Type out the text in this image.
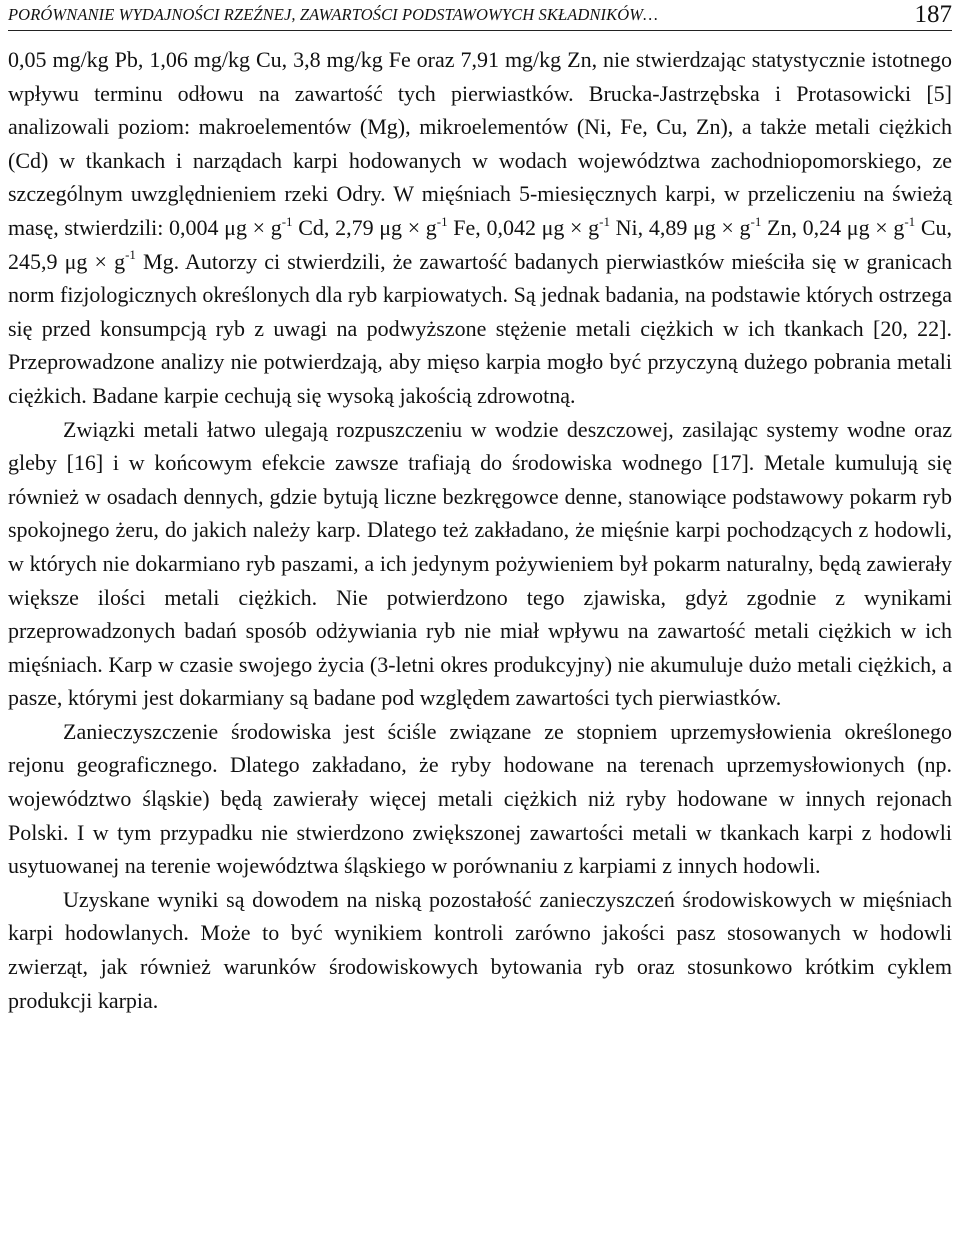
PORÓWNANIE WYDAJNOŚCI RZEŹNEJ, ZAWARTOŚCI PODSTAWOWYCH SKŁADNIKÓW…	187

0,05 mg/kg Pb, 1,06 mg/kg Cu, 3,8 mg/kg Fe oraz 7,91 mg/kg Zn, nie stwierdzając statystycznie istotnego wpływu terminu odłowu na zawartość tych pierwiastków. Brucka-Jastrzębska i Protasowicki [5] analizowali poziom: makroelementów (Mg), mikroelementów (Ni, Fe, Cu, Zn), a także metali ciężkich (Cd) w tkankach i narządach karpi hodowanych w wodach województwa zachodniopomorskiego, ze szczególnym uwzględnieniem rzeki Odry. W mięśniach 5-miesięcznych karpi, w przeliczeniu na świeżą masę, stwierdzili: 0,004 $\mu g \times g^{-1}$ Cd, 2,79 $\mu g \times g^{-1}$ Fe, 0,042 $\mu g \times g^{-1}$ Ni, 4,89 $\mu g \times g^{-1}$ Zn, 0,24 $\mu g \times g^{-1}$ Cu, 245,9 $\mu g \times g^{-1}$ Mg. Autorzy ci stwierdzili, że zawartość badanych pierwiastków mieściła się w granicach norm fizjologicznych określonych dla ryb karpiowatych. Są jednak badania, na podstawie których ostrzega się przed konsumpcją ryb z uwagi na podwyższone stężenie metali ciężkich w ich tkankach [20, 22]. Przeprowadzone analizy nie potwierdzają, aby mięso karpia mogło być przyczyną dużego pobrania metali ciężkich. Badane karpie cechują się wysoką jakością zdrowotną.

Związki metali łatwo ulegają rozpuszczeniu w wodzie deszczowej, zasilając systemy wodne oraz gleby [16] i w końcowym efekcie zawsze trafiają do środowiska wodnego [17]. Metale kumulują się również w osadach dennych, gdzie bytują liczne bezkręgowce denne, stanowiące podstawowy pokarm ryb spokojnego żeru, do jakich należy karp. Dlatego też zakładano, że mięśnie karpi pochodzących z hodowli, w których nie dokarmiano ryb paszami, a ich jedynym pożywieniem był pokarm naturalny, będą zawierały większe ilości metali ciężkich. Nie potwierdzono tego zjawiska, gdyż zgodnie z wynikami przeprowadzonych badań sposób odżywiania ryb nie miał wpływu na zawartość metali ciężkich w ich mięśniach. Karp w czasie swojego życia (3-letni okres produkcyjny) nie akumuluje dużo metali ciężkich, a pasze, którymi jest dokarmiany są badane pod względem zawartości tych pierwiastków.

Zanieczyszczenie środowiska jest ściśle związane ze stopniem uprzemysłowienia określonego rejonu geograficznego. Dlatego zakładano, że ryby hodowane na terenach uprzemysłowionych (np. województwo śląskie) będą zawierały więcej metali ciężkich niż ryby hodowane w innych rejonach Polski. I w tym przypadku nie stwierdzono zwiększonej zawartości metali w tkankach karpi z hodowli usytuowanej na terenie województwa śląskiego w porównaniu z karpiami z innych hodowli.

Uzyskane wyniki są dowodem na niską pozostałość zanieczyszczeń środowiskowych w mięśniach karpi hodowlanych. Może to być wynikiem kontroli zarówno jakości pasz stosowanych w hodowli zwierząt, jak również warunków środowiskowych bytowania ryb oraz stosunkowo krótkim cyklem produkcji karpia.
